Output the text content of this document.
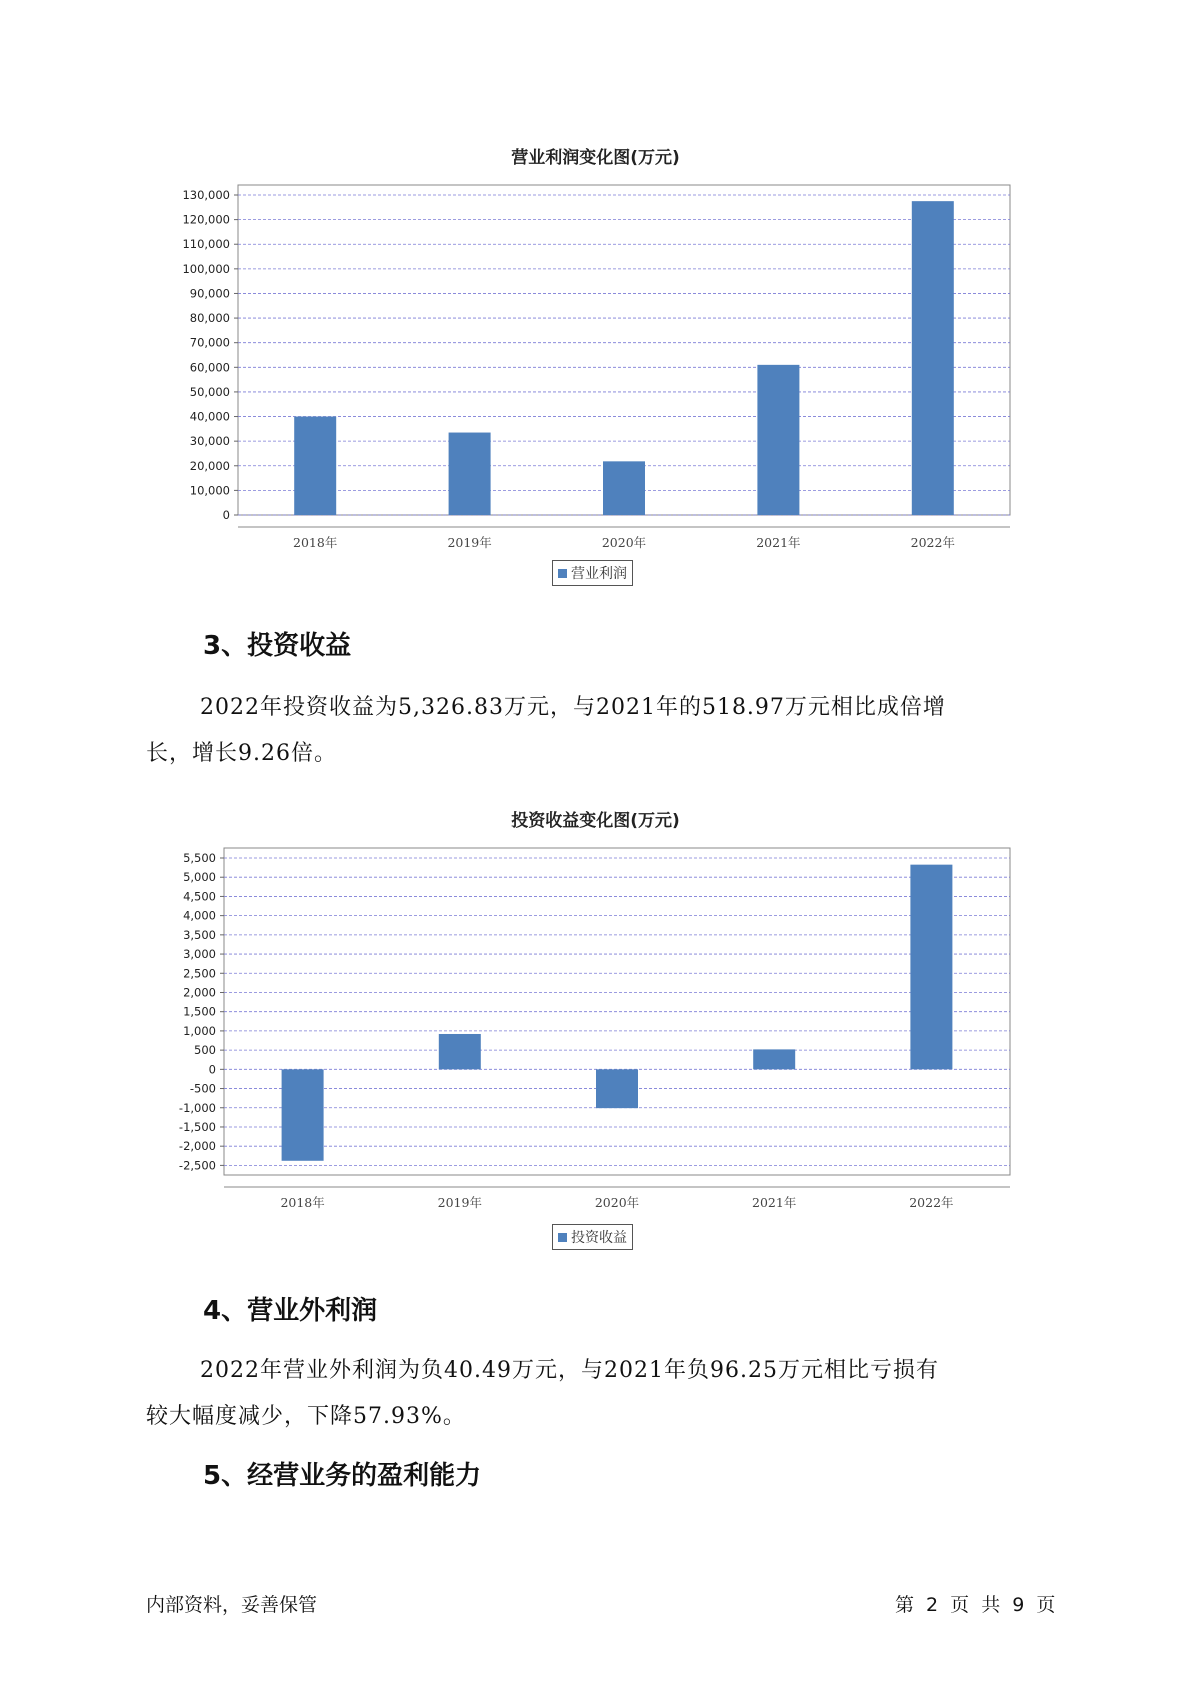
营业利润变化图(万元)
0
10,000
20,000
30,000
40,000
50,000
60,000
70,000
80,000
90,000
100,000
110,000
120,000
130,000
2018年	2019年	2020年	2021年	2022年
营业利润
3、投资收益
2022年投资收益为5,326.83万元，与2021年的518.97万元相比成倍增
长，增长9.26倍。
投资收益变化图(万元)
-2,500
-2,000
-1,500
-1,000
-500
0
500
1,000
1,500
2,000
2,500
3,000
3,500
4,000
4,500
5,000
5,500
2018年	2019年	2020年	2021年	2022年
投资收益
4、营业外利润
2022年营业外利润为负40.49万元，与2021年负96.25万元相比亏损有
较大幅度减少，下降57.93%。
5、经营业务的盈利能力
内部资料，妥善保管	第 2 页 共 9 页
